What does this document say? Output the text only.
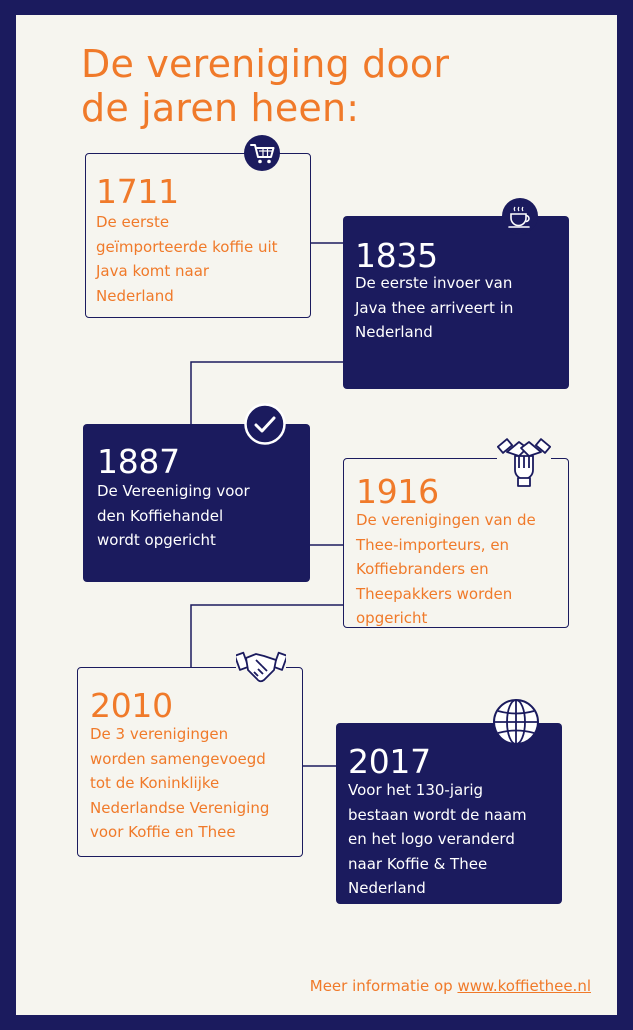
De vereniging door
de jaren heen:
1711
De eerste
geïmporteerde koffie uit
Java komt naar
Nederland
1835
De eerste invoer van
Java thee arriveert in
Nederland
1887
De Vereeniging voor
den Koffiehandel
wordt opgericht
1916
De verenigingen van de
Thee-importeurs, en
Koffiebranders en
Theepakkers worden
opgericht
2010
De 3 verenigingen
worden samengevoegd
tot de Koninklijke
Nederlandse Vereniging
voor Koffie en Thee
2017
Voor het 130-jarig
bestaan wordt de naam
en het logo veranderd
naar Koffie & Thee
Nederland
Meer informatie op www.koffiethee.nl
